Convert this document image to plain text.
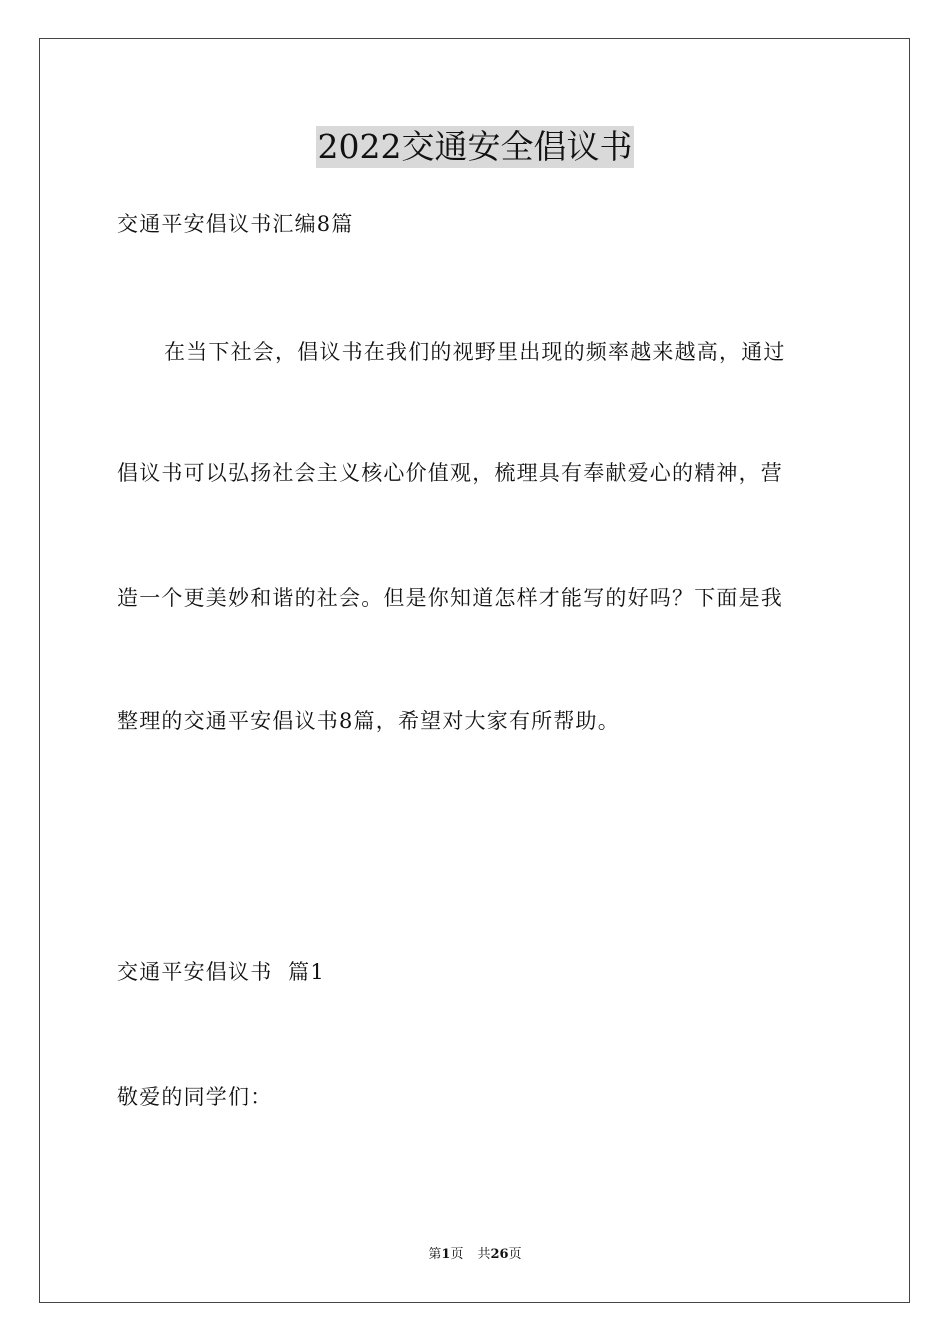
2022交通安全倡议书
交通平安倡议书汇编8篇
在当下社会，倡议书在我们的视野里出现的频率越来越高，通过
倡议书可以弘扬社会主义核心价值观，梳理具有奉献爱心的精神，营
造一个更美妙和谐的社会。但是你知道怎样才能写的好吗？下面是我
整理的交通平安倡议书8篇，希望对大家有所帮助。
交通平安倡议书  篇1
敬爱的同学们：
第1页 共26页
